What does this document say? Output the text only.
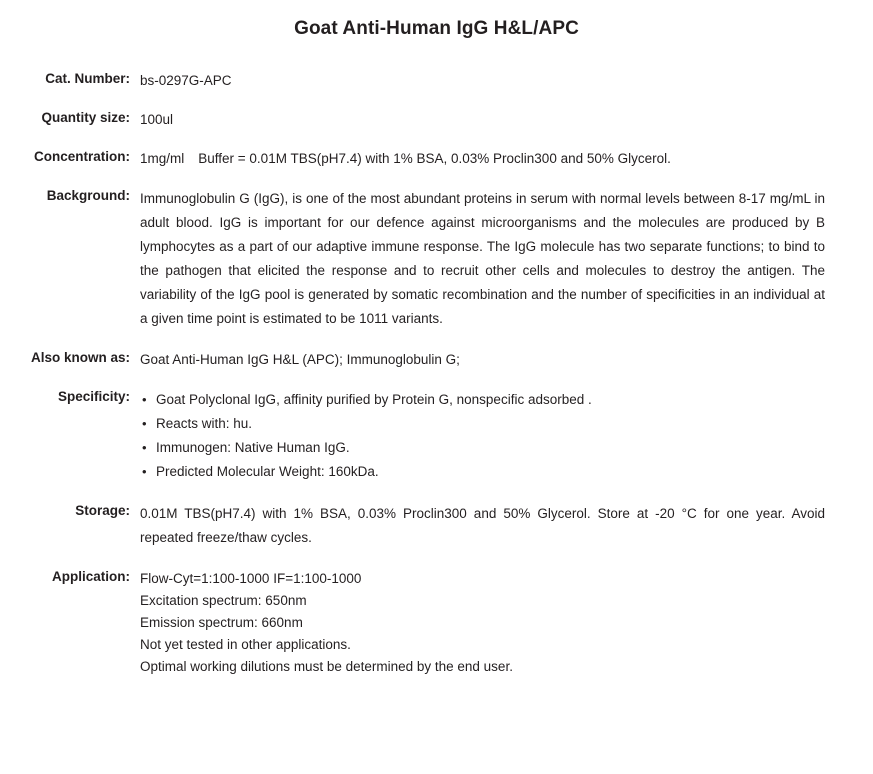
Goat Anti-Human IgG H&L/APC
Cat. Number: bs-0297G-APC
Quantity size: 100ul
Concentration: 1mg/ml Buffer = 0.01M TBS(pH7.4) with 1% BSA, 0.03% Proclin300 and 50% Glycerol.
Background: Immunoglobulin G (IgG), is one of the most abundant proteins in serum with normal levels between 8-17 mg/mL in adult blood. IgG is important for our defence against microorganisms and the molecules are produced by B lymphocytes as a part of our adaptive immune response. The IgG molecule has two separate functions; to bind to the pathogen that elicited the response and to recruit other cells and molecules to destroy the antigen. The variability of the IgG pool is generated by somatic recombination and the number of specificities in an individual at a given time point is estimated to be 1011 variants.
Also known as: Goat Anti-Human IgG H&L (APC); Immunoglobulin G;
Specificity:	• Goat Polyclonal IgG, affinity purified by Protein G, nonspecific adsorbed .
• Reacts with: hu.
• Immunogen: Native Human IgG.
• Predicted Molecular Weight: 160kDa.
Storage: 0.01M TBS(pH7.4) with 1% BSA, 0.03% Proclin300 and 50% Glycerol. Store at -20 °C for one year. Avoid repeated freeze/thaw cycles.
Application: Flow-Cyt=1:100-1000 IF=1:100-1000
Excitation spectrum: 650nm
Emission spectrum: 660nm
Not yet tested in other applications.
Optimal working dilutions must be determined by the end user.
